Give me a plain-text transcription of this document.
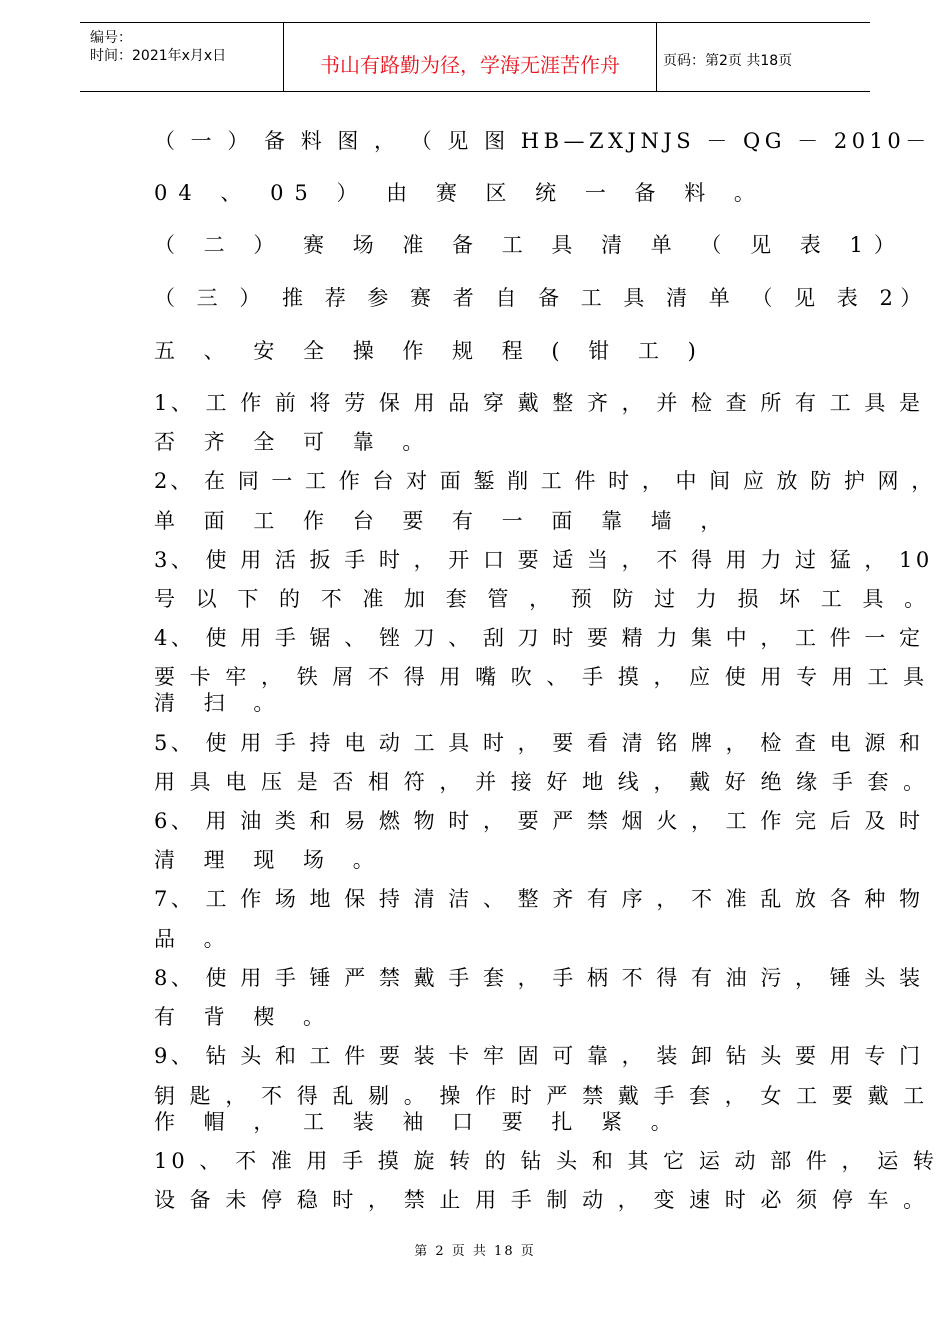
编号：
时间：2021年x月x日	书山有路勤为径，学海无涯苦作舟	页码：第2页 共18页
（ 一 ） 备 料 图 ， （ 见 图 HB—ZXJNJS － QG － 2010－
04 、 05 ） 由 赛 区 统 一 备 料 。
（ 二 ） 赛 场 准 备 工 具 清 单 （ 见 表 1）
（ 三 ） 推 荐 参 赛 者 自 备 工 具 清 单 （ 见 表 2）
五 、 安 全 操 作 规 程 ( 钳 工 )
1、 工 作 前 将 劳 保 用 品 穿 戴 整 齐 ， 并 检 查 所 有 工 具 是
否 齐 全 可 靠 。
2、 在 同 一 工 作 台 对 面 錾 削 工 件 时 ， 中 间 应 放 防 护 网 ，
单 面 工 作 台 要 有 一 面 靠 墙 ，
3、 使 用 活 扳 手 时 ， 开 口 要 适 当 ， 不 得 用 力 过 猛 ， 10
号 以 下 的 不 准 加 套 管 ， 预 防 过 力 损 坏 工 具 。
4、 使 用 手 锯 、 锉 刀 、 刮 刀 时 要 精 力 集 中 ， 工 件 一 定
要 卡 牢 ， 铁 屑 不 得 用 嘴 吹 、 手 摸 ， 应 使 用 专 用 工 具
清 扫 。
5、 使 用 手 持 电 动 工 具 时 ， 要 看 清 铭 牌 ， 检 查 电 源 和
用 具 电 压 是 否 相 符 ， 并 接 好 地 线 ， 戴 好 绝 缘 手 套 。
6、 用 油 类 和 易 燃 物 时 ， 要 严 禁 烟 火 ， 工 作 完 后 及 时
清 理 现 场 。
7、 工 作 场 地 保 持 清 洁 、 整 齐 有 序 ， 不 准 乱 放 各 种 物
品 。
8、 使 用 手 锤 严 禁 戴 手 套 ， 手 柄 不 得 有 油 污 ， 锤 头 装
有 背 楔 。
9、 钻 头 和 工 件 要 装 卡 牢 固 可 靠 ， 装 卸 钻 头 要 用 专 门
钥 匙 ， 不 得 乱 剔 。 操 作 时 严 禁 戴 手 套 ， 女 工 要 戴 工
作 帽 ， 工 装 袖 口 要 扎 紧 。
10 、 不 准 用 手 摸 旋 转 的 钻 头 和 其 它 运 动 部 件 ， 运 转
设 备 未 停 稳 时 ， 禁 止 用 手 制 动 ， 变 速 时 必 须 停 车 。
第 2 页 共 18 页
